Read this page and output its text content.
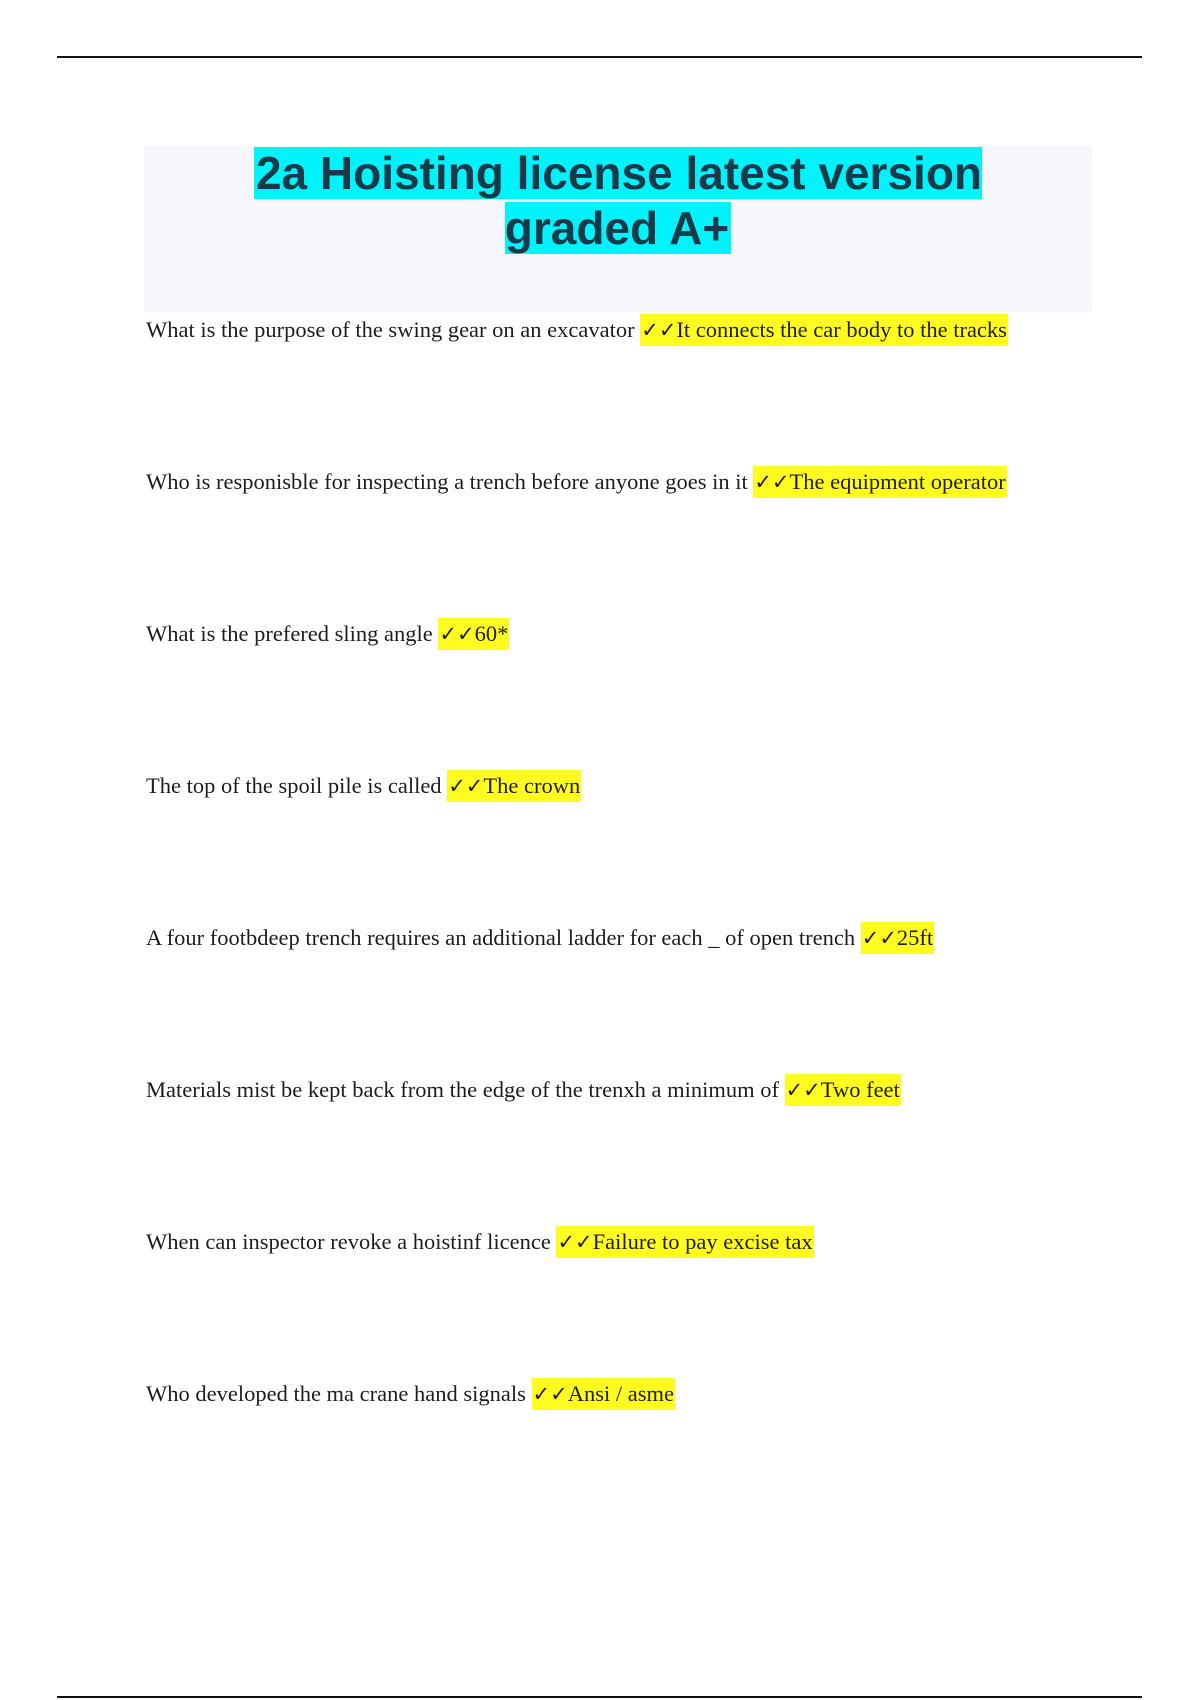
2a Hoisting license latest version graded A+
What is the purpose of the swing gear on an excavator ✓✓It connects the car body to the tracks
Who is responisble for inspecting a trench before anyone goes in it ✓✓The equipment operator
What is the prefered sling angle ✓✓60*
The top of the spoil pile is called ✓✓The crown
A four footbdeep trench requires an additional ladder for each _ of open trench ✓✓25ft
Materials mist be kept back from the edge of the trenxh a minimum of ✓✓Two feet
When can inspector revoke a hoistinf licence ✓✓Failure to pay excise tax
Who developed the ma crane hand signals ✓✓Ansi / asme
